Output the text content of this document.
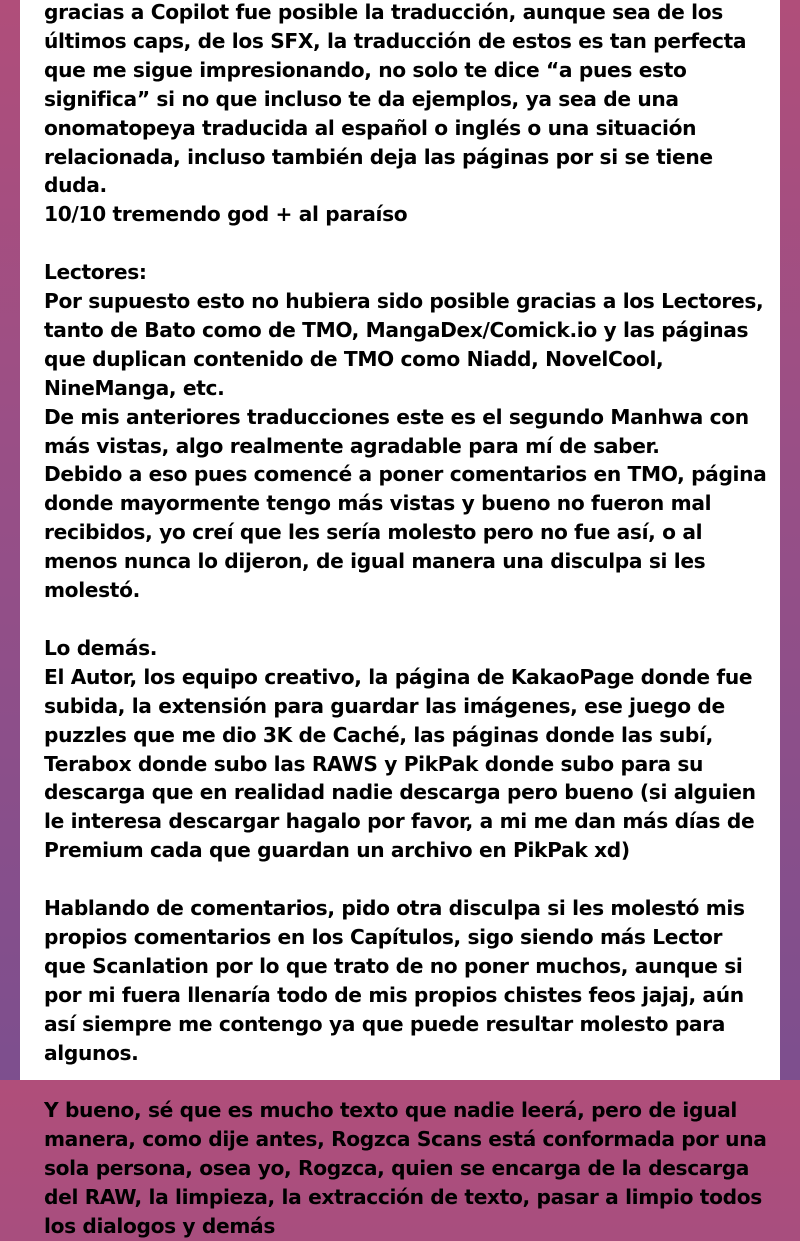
gracias a Copilot fue posible la traducción, aunque sea de los últimos caps, de los SFX, la traducción de estos es tan perfecta que me sigue impresionando, no solo te dice “a pues esto significa” si no que incluso te da ejemplos, ya sea de una onomatopeya traducida al español o inglés o una situación relacionada, incluso también deja las páginas por si se tiene duda.

10/10 tremendo god + al paraíso

Lectores:

Por supuesto esto no hubiera sido posible gracias a los Lectores, tanto de Bato como de TMO, MangaDex/Comick.io y las páginas que duplican contenido de TMO como Niadd, NovelCool, NineManga, etc.

De mis anteriores traducciones este es el segundo Manhwa con más vistas, algo realmente agradable para mí de saber.

Debido a eso pues comencé a poner comentarios en TMO, página donde mayormente tengo más vistas y bueno no fueron mal recibidos, yo creí que les sería molesto pero no fue así, o al menos nunca lo dijeron, de igual manera una disculpa si les molestó.

Lo demás.

El Autor, los equipo creativo, la página de KakaoPage donde fue subida, la extensión para guardar las imágenes, ese juego de puzzles que me dio 3K de Caché, las páginas donde las subí, Terabox donde subo las RAWS y PikPak donde subo para su descarga que en realidad nadie descarga pero bueno (si alguien le interesa descargar hagalo por favor, a mi me dan más días de Premium cada que guardan un archivo en PikPak xd)

Hablando de comentarios, pido otra disculpa si les molestó mis propios comentarios en los Capítulos, sigo siendo más Lector que Scanlation por lo que trato de no poner muchos, aunque si por mi fuera llenaría todo de mis propios chistes feos jajaj, aún así siempre me contengo ya que puede resultar molesto para algunos.

Y bueno, sé que es mucho texto que nadie leerá, pero de igual manera, como dije antes, Rogzca Scans está conformada por una sola persona, osea yo, Rogzca, quien se encarga de la descarga del RAW, la limpieza, la extracción de texto, pasar a limpio todos los dialogos y demás
